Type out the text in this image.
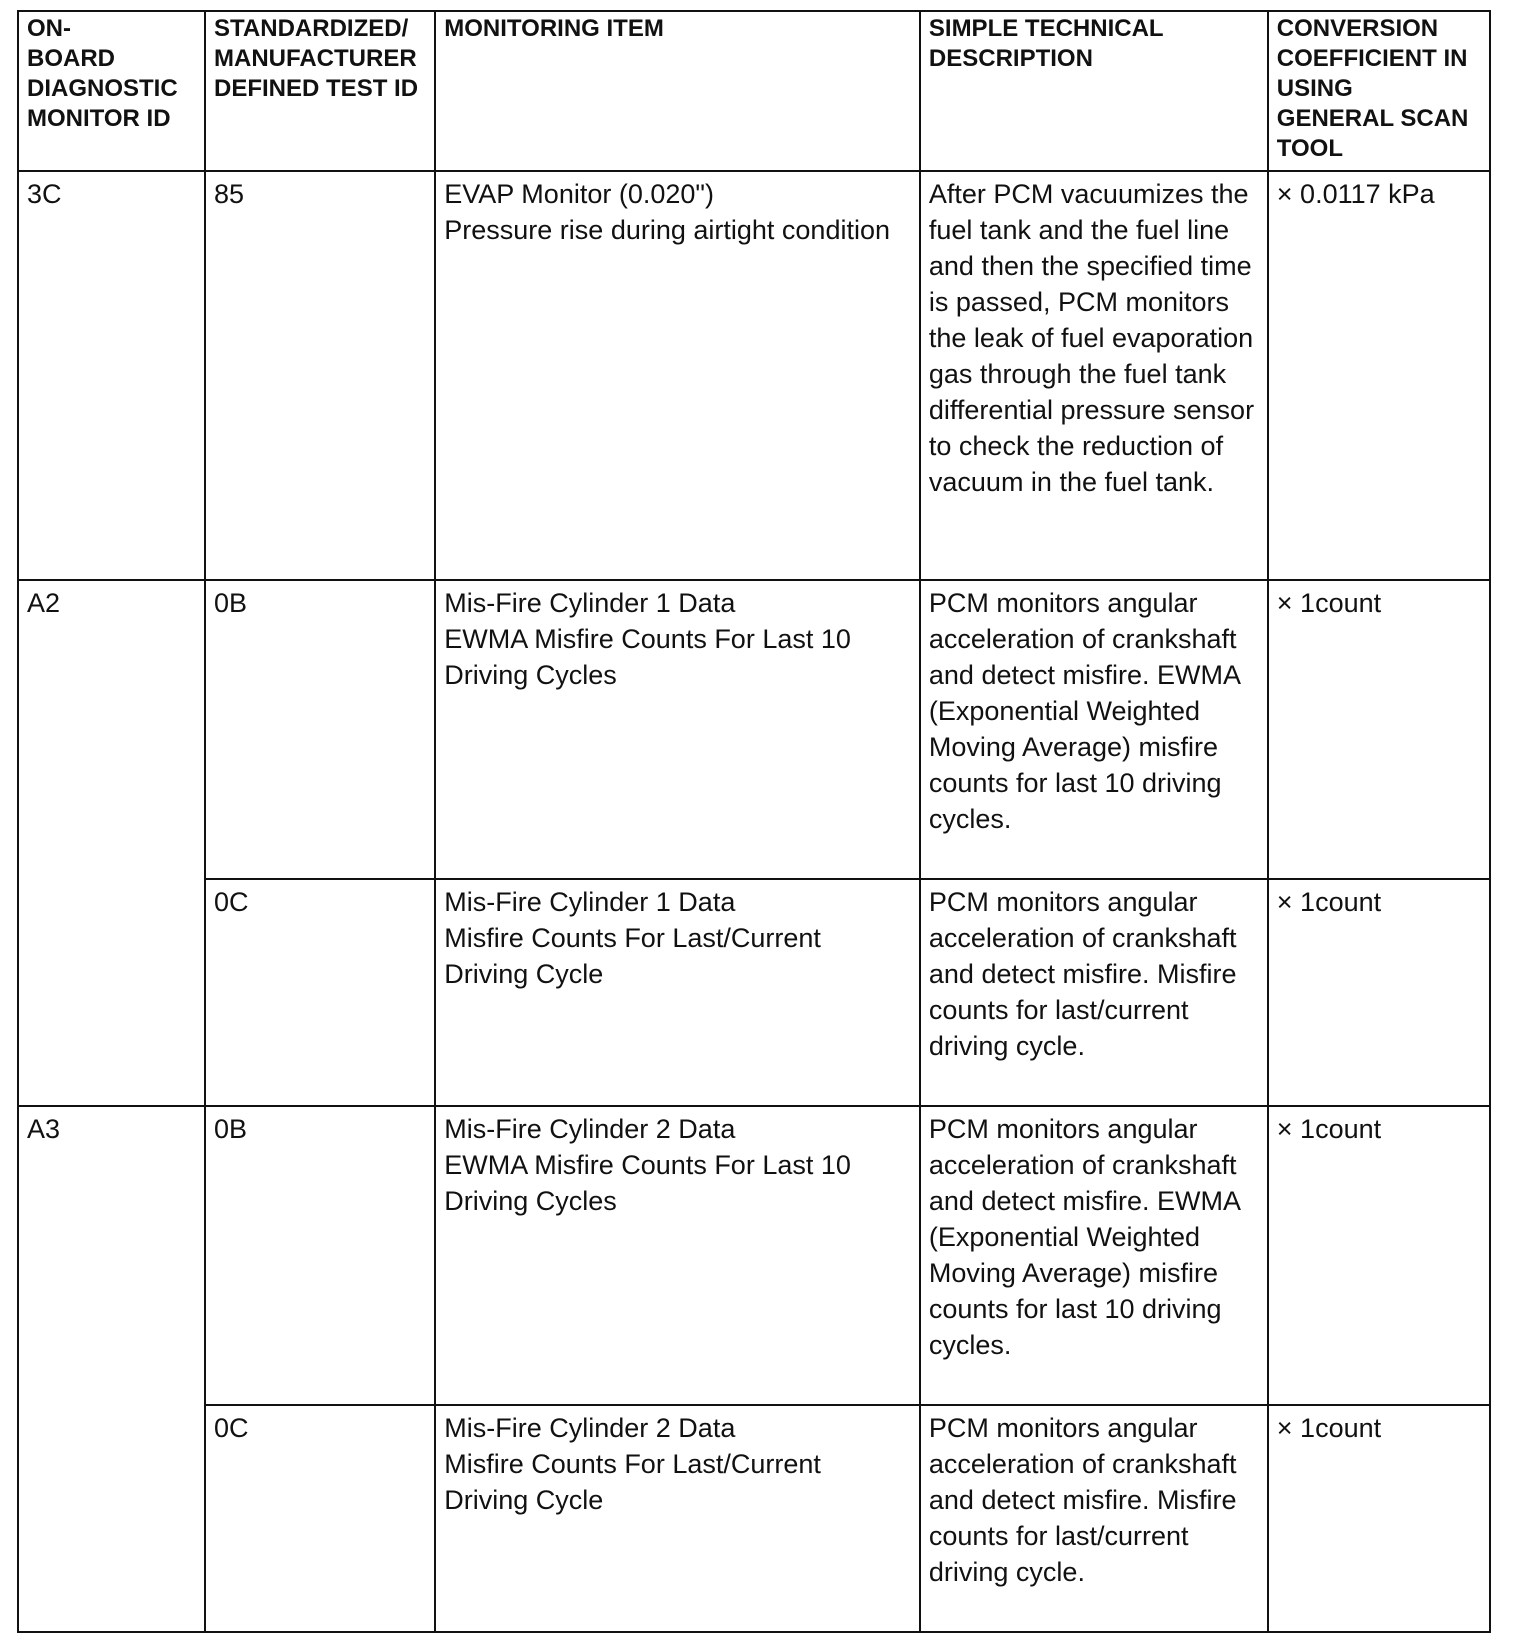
ON-
BOARD
DIAGNOSTIC
MONITOR ID	STANDARDIZED/
MANUFACTURER
DEFINED TEST ID	MONITORING ITEM	SIMPLE TECHNICAL
DESCRIPTION	CONVERSION
COEFFICIENT IN
USING
GENERAL SCAN
TOOL
3C	85	EVAP Monitor (0.020")
Pressure rise during airtight condition	After PCM vacuumizes the fuel tank and the fuel line and then the specified time is passed, PCM monitors the leak of fuel evaporation gas through the fuel tank differential pressure sensor to check the reduction of vacuum in the fuel tank.	× 0.0117 kPa
A2	0B	Mis-Fire Cylinder 1 Data
EWMA Misfire Counts For Last 10 Driving Cycles	PCM monitors angular acceleration of crankshaft and detect misfire. EWMA (Exponential Weighted Moving Average) misfire counts for last 10 driving cycles.	× 1count
	0C	Mis-Fire Cylinder 1 Data
Misfire Counts For Last/Current Driving Cycle	PCM monitors angular acceleration of crankshaft and detect misfire. Misfire counts for last/current driving cycle.	× 1count
A3	0B	Mis-Fire Cylinder 2 Data
EWMA Misfire Counts For Last 10 Driving Cycles	PCM monitors angular acceleration of crankshaft and detect misfire. EWMA (Exponential Weighted Moving Average) misfire counts for last 10 driving cycles.	× 1count
	0C	Mis-Fire Cylinder 2 Data
Misfire Counts For Last/Current Driving Cycle	PCM monitors angular acceleration of crankshaft and detect misfire. Misfire counts for last/current driving cycle.	× 1count
